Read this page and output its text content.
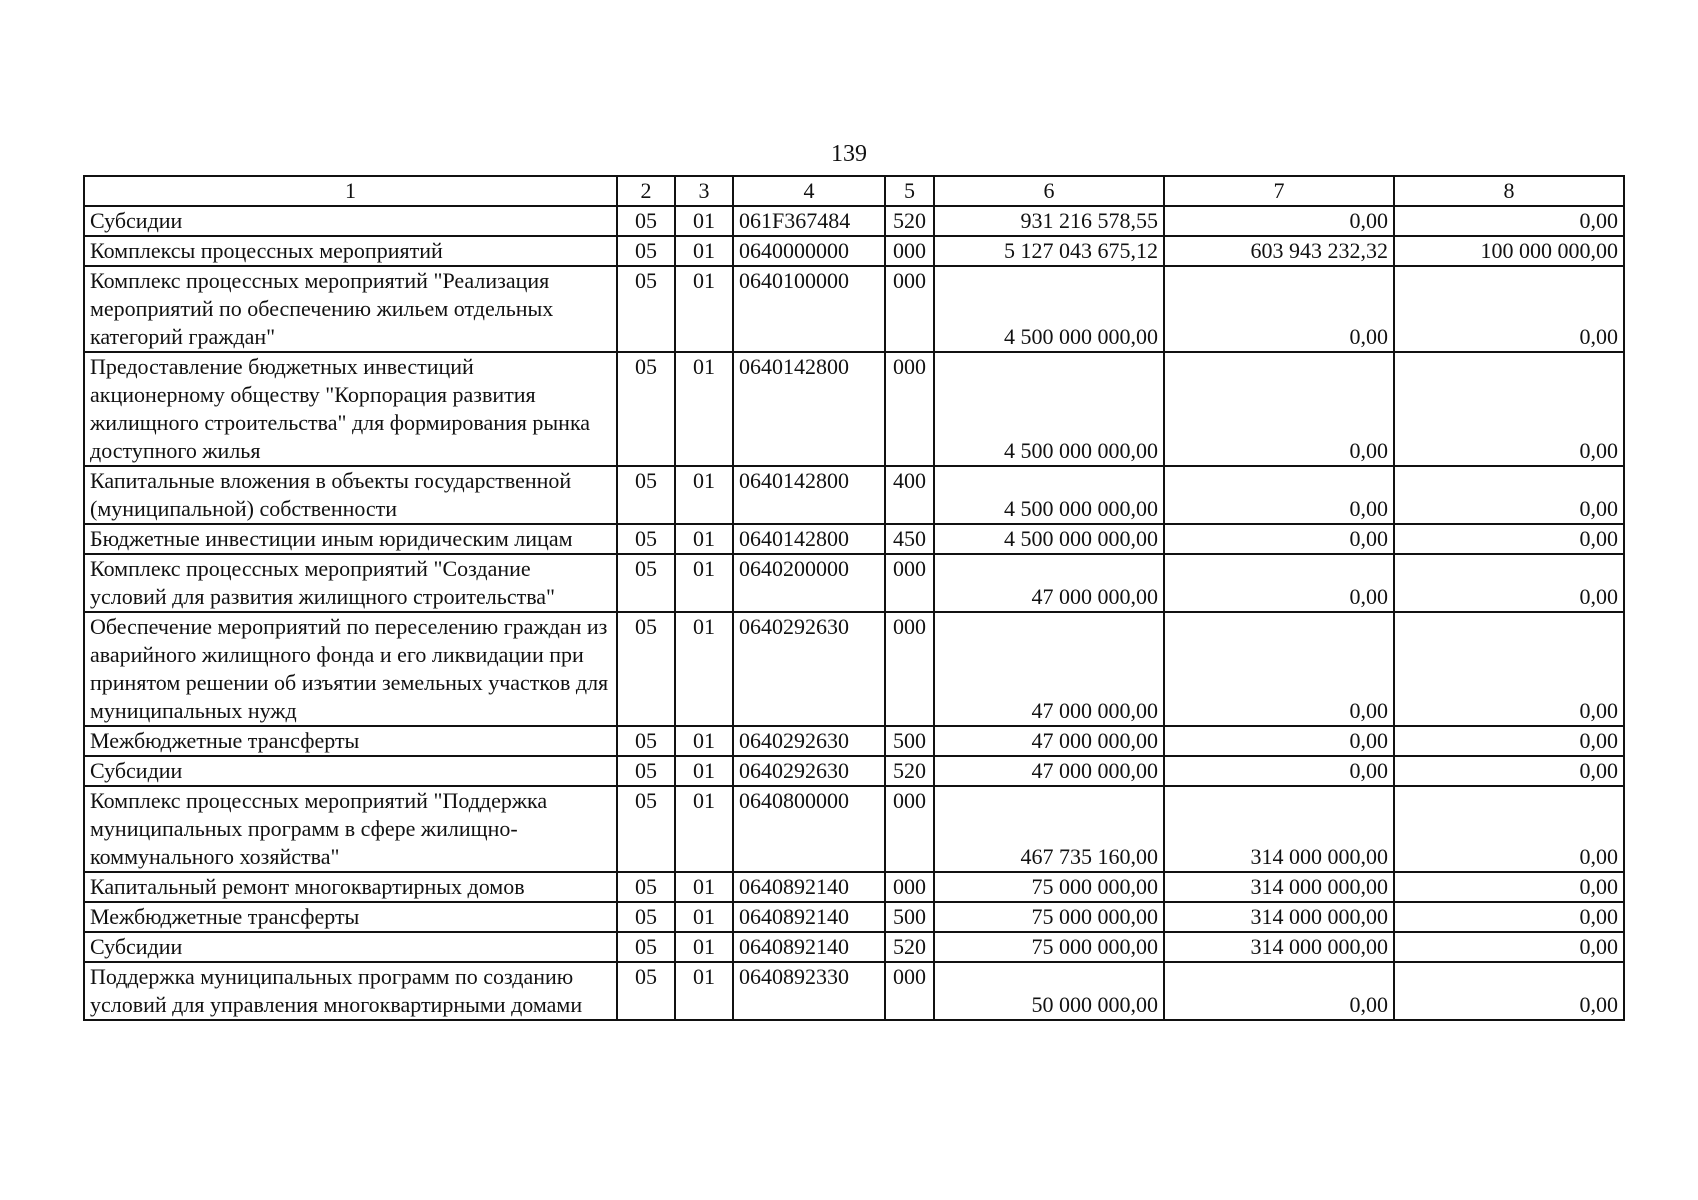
139
1	2	3	4	5	6	7	8
Субсидии	05	01	061F367484	520	931 216 578,55	0,00	0,00
Комплексы процессных мероприятий	05	01	0640000000	000	5 127 043 675,12	603 943 232,32	100 000 000,00
Комплекс процессных мероприятий "Реализация мероприятий по обеспечению жильем отдельных категорий граждан"	05	01	0640100000	000	4 500 000 000,00	0,00	0,00
Предоставление бюджетных инвестиций акционерному обществу "Корпорация развития жилищного строительства" для формирования рынка доступного жилья	05	01	0640142800	000	4 500 000 000,00	0,00	0,00
Капитальные вложения в объекты государственной (муниципальной) собственности	05	01	0640142800	400	4 500 000 000,00	0,00	0,00
Бюджетные инвестиции иным юридическим лицам	05	01	0640142800	450	4 500 000 000,00	0,00	0,00
Комплекс процессных мероприятий "Создание условий для развития жилищного строительства"	05	01	0640200000	000	47 000 000,00	0,00	0,00
Обеспечение мероприятий по переселению граждан из аварийного жилищного фонда и его ликвидации при принятом решении об изъятии земельных участков для муниципальных нужд	05	01	0640292630	000	47 000 000,00	0,00	0,00
Межбюджетные трансферты	05	01	0640292630	500	47 000 000,00	0,00	0,00
Субсидии	05	01	0640292630	520	47 000 000,00	0,00	0,00
Комплекс процессных мероприятий "Поддержка муниципальных программ в сфере жилищно-коммунального хозяйства"	05	01	0640800000	000	467 735 160,00	314 000 000,00	0,00
Капитальный ремонт многоквартирных домов	05	01	0640892140	000	75 000 000,00	314 000 000,00	0,00
Межбюджетные трансферты	05	01	0640892140	500	75 000 000,00	314 000 000,00	0,00
Субсидии	05	01	0640892140	520	75 000 000,00	314 000 000,00	0,00
Поддержка муниципальных программ по созданию условий для управления многоквартирными домами	05	01	0640892330	000	50 000 000,00	0,00	0,00
